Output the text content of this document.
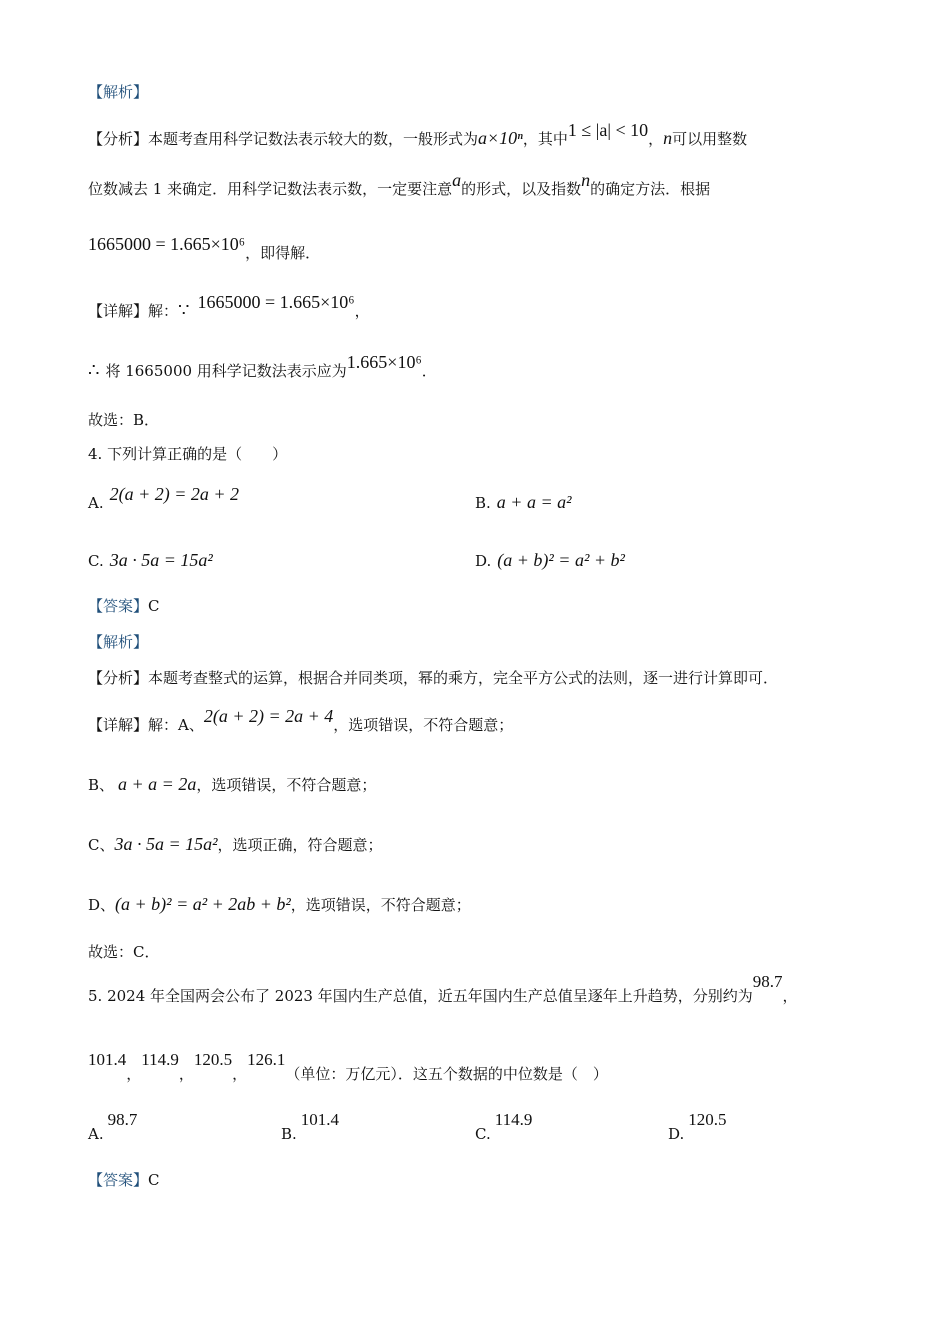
【解析】
【分析】本题考查用科学记数法表示较大的数，一般形式为a×10ⁿ，其中1 ≤ |a| < 10，n可以用整数
位数减去 1 来确定．用科学记数法表示数，一定要注意a的形式，以及指数n的确定方法．根据
1665000 = 1.665×10⁶，即得解．
【详解】解：∵ 1665000 = 1.665×10⁶，
∴ 将 1665000 用科学记数法表示应为1.665×10⁶．
故选：B．
4. 下列计算正确的是（　　）
A. 2(a + 2) = 2a + 2	B. a + a = a²
C. 3a · 5a = 15a²	D. (a + b)² = a² + b²
【答案】C
【解析】
【分析】本题考查整式的运算，根据合并同类项，幂的乘方，完全平方公式的法则，逐一进行计算即可．
【详解】解：A、2(a + 2) = 2a + 4，选项错误，不符合题意；
B、 a + a = 2a，选项错误，不符合题意；
C、3a · 5a = 15a²，选项正确，符合题意；
D、(a + b)² = a² + 2ab + b²，选项错误，不符合题意；
故选：C．
5. 2024 年全国两会公布了 2023 年国内生产总值，近五年国内生产总值呈逐年上升趋势，分别约为98.7，
101.4，114.9，120.5，126.1（单位：万亿元）．这五个数据的中位数是（　）
A.98.7
B.101.4
C.114.9
D.120.5
【答案】C
